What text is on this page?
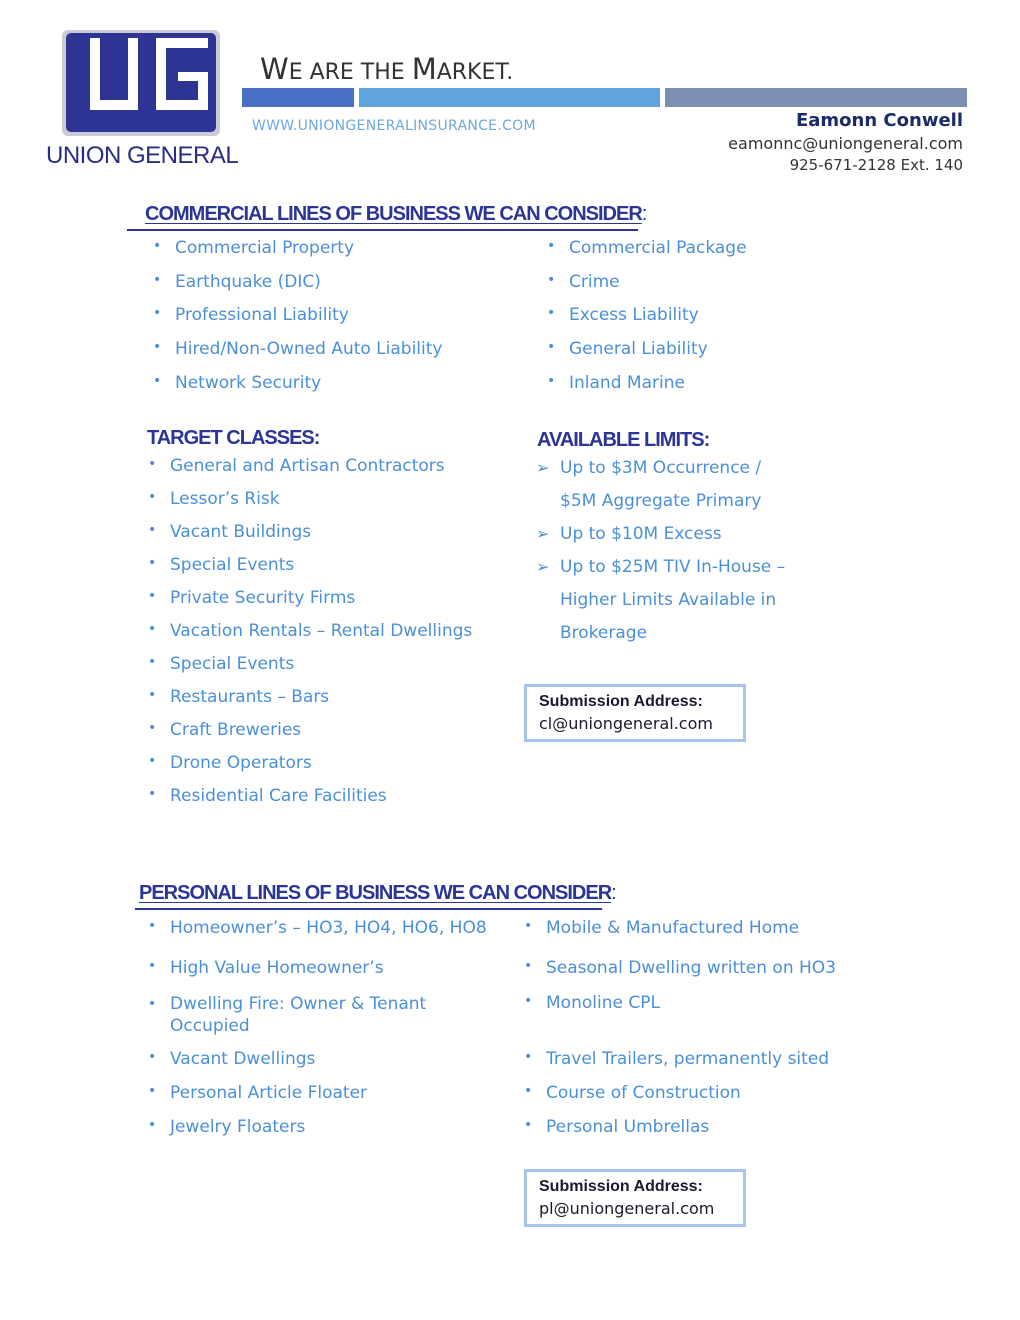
UNION GENERAL
WE ARE THE MARKET.
WWW.UNIONGENERALINSURANCE.COM	Eamonn Conwell
eamonnc@uniongeneral.com
925-671-2128 Ext. 140
COMMERCIAL LINES OF BUSINESS WE CAN CONSIDER:
• Commercial Property
• Earthquake (DIC)
• Professional Liability
• Hired/Non-Owned Auto Liability
• Network Security
• Commercial Package
• Crime
• Excess Liability
• General Liability
• Inland Marine
TARGET CLASSES:
• General and Artisan Contractors
• Lessor’s Risk
• Vacant Buildings
• Special Events
• Private Security Firms
• Vacation Rentals – Rental Dwellings
• Special Events
• Restaurants – Bars
• Craft Breweries
• Drone Operators
• Residential Care Facilities
AVAILABLE LIMITS:
➢ Up to $3M Occurrence /
$5M Aggregate Primary
➢ Up to $10M Excess
➢ Up to $25M TIV In-House –
Higher Limits Available in
Brokerage
Submission Address:
cl@uniongeneral.com
PERSONAL LINES OF BUSINESS WE CAN CONSIDER:
• Homeowner’s – HO3, HO4, HO6, HO8
• High Value Homeowner’s
• Dwelling Fire: Owner & Tenant Occupied
• Vacant Dwellings
• Personal Article Floater
• Jewelry Floaters
• Mobile & Manufactured Home
• Seasonal Dwelling written on HO3
• Monoline CPL
• Travel Trailers, permanently sited
• Course of Construction
• Personal Umbrellas
Submission Address:
pl@uniongeneral.com
